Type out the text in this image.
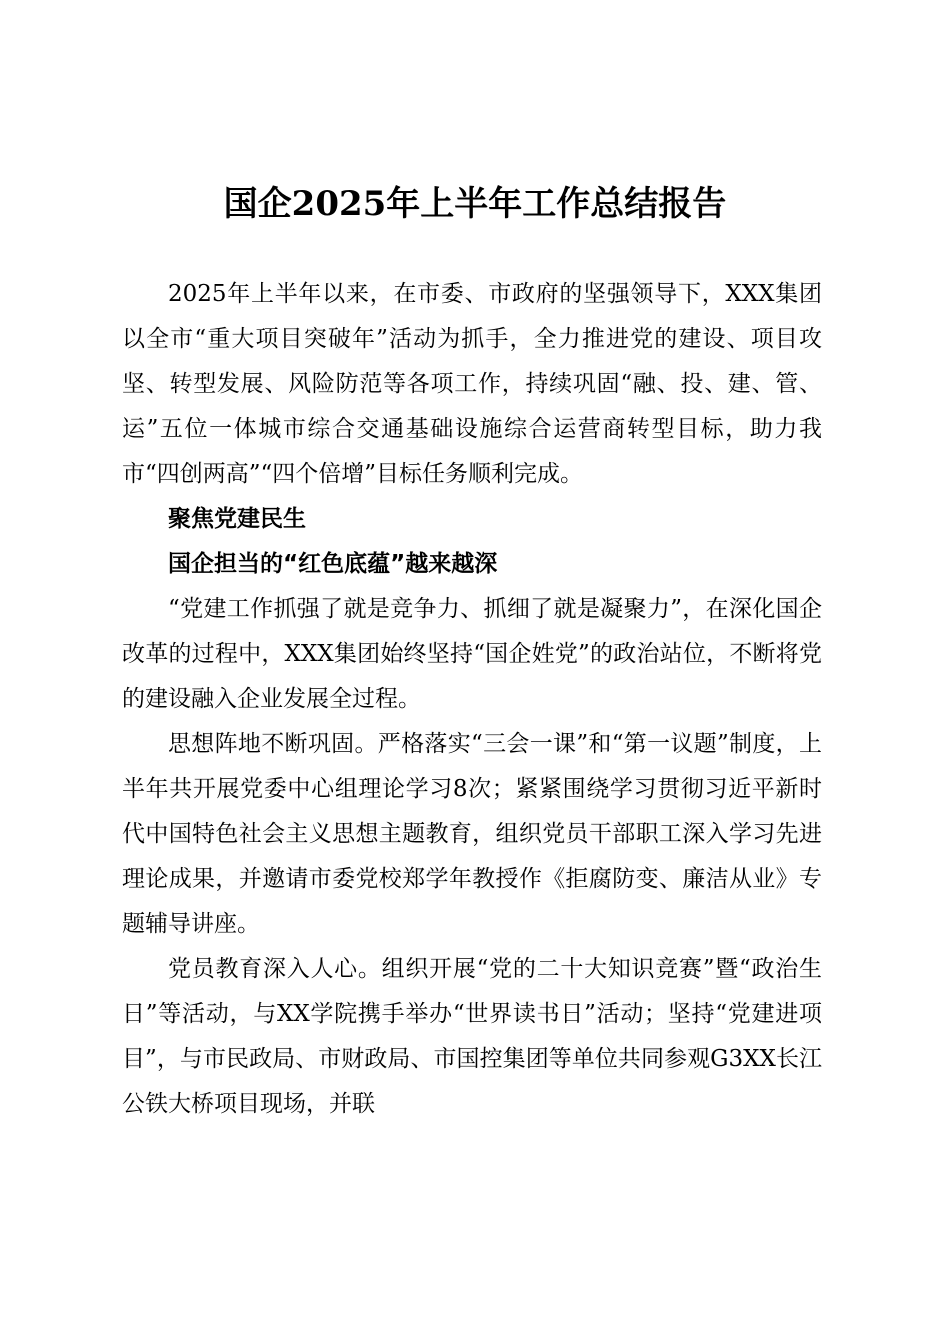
国企2025年上半年工作总结报告

2025年上半年以来，在市委、市政府的坚强领导下，XXX集团以全市“重大项目突破年”活动为抓手，全力推进党的建设、项目攻坚、转型发展、风险防范等各项工作，持续巩固“融、投、建、管、运”五位一体城市综合交通基础设施综合运营商转型目标，助力我市“四创两高”“四个倍增”目标任务顺利完成。

聚焦党建民生

国企担当的“红色底蕴”越来越深

“党建工作抓强了就是竞争力、抓细了就是凝聚力”，在深化国企改革的过程中，XXX集团始终坚持“国企姓党”的政治站位，不断将党的建设融入企业发展全过程。

思想阵地不断巩固。严格落实“三会一课”和“第一议题”制度，上半年共开展党委中心组理论学习8次；紧紧围绕学习贯彻习近平新时代中国特色社会主义思想主题教育，组织党员干部职工深入学习先进理论成果，并邀请市委党校郑学年教授作《拒腐防变、廉洁从业》专题辅导讲座。

党员教育深入人心。组织开展“党的二十大知识竞赛”暨“政治生日”等活动，与XX学院携手举办“世界读书日”活动；坚持“党建进项目”，与市民政局、市财政局、市国控集团等单位共同参观G3XX长江公铁大桥项目现场，并联
